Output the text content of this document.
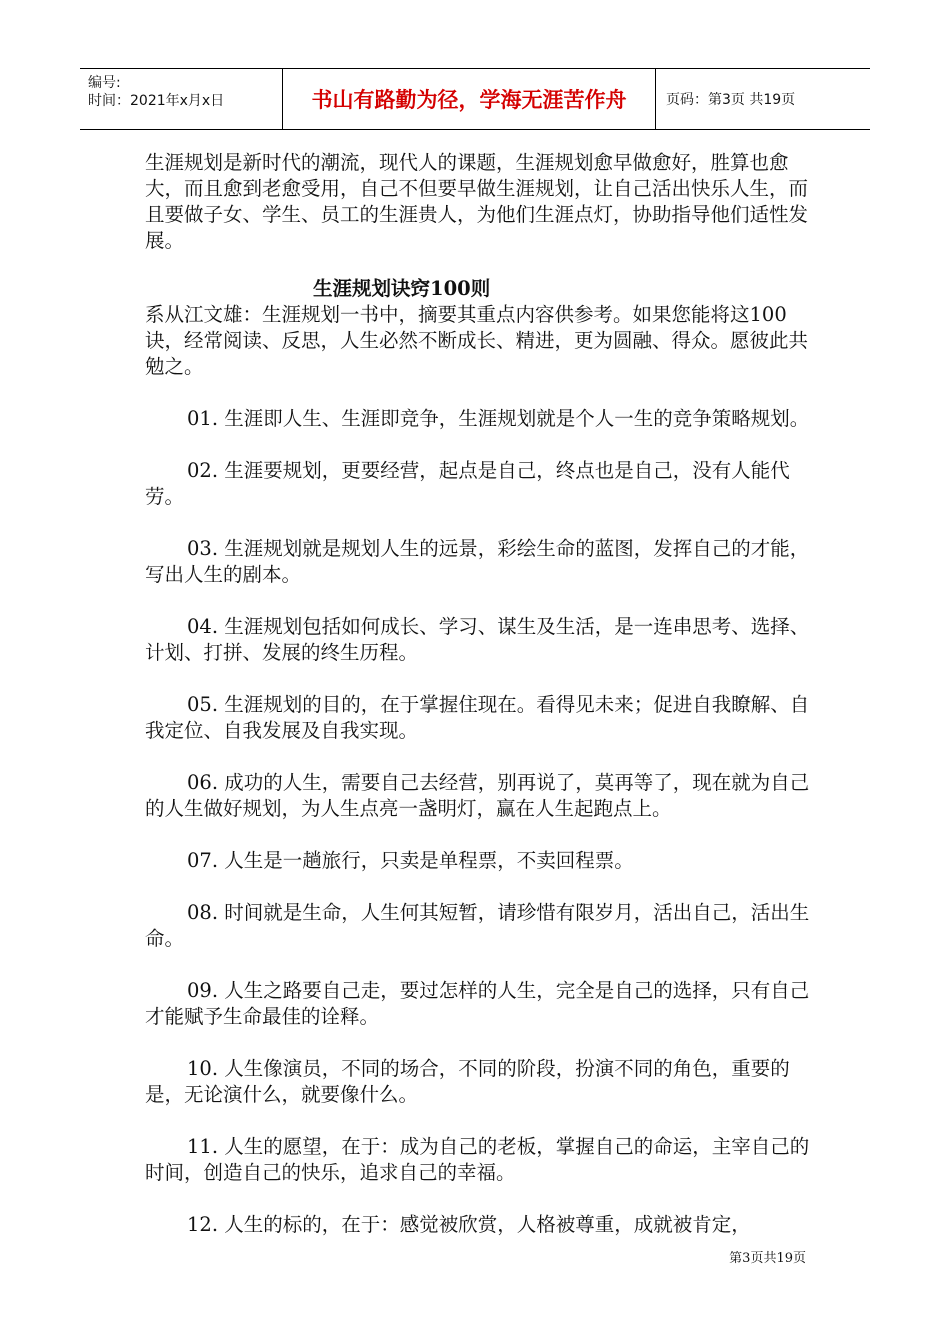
编号:
时间：2021年x月x日	书山有路勤为径，学海无涯苦作舟	页码：第3页 共19页

生涯规划是新时代的潮流，现代人的课题，生涯规划愈早做愈好，胜算也愈大，而且愈到老愈受用，自己不但要早做生涯规划，让自己活出快乐人生，而且要做子女、学生、员工的生涯贵人，为他们生涯点灯，协助指导他们适性发展。

生涯规划诀窍100则

系从江文雄：生涯规划一书中，摘要其重点内容供参考。如果您能将这100诀，经常阅读、反思，人生必然不断成长、精进，更为圆融、得众。愿彼此共勉之。

01. 生涯即人生、生涯即竞争，生涯规划就是个人一生的竞争策略规划。

02. 生涯要规划，更要经营，起点是自己，终点也是自己，没有人能代劳。

03. 生涯规划就是规划人生的远景，彩绘生命的蓝图，发挥自己的才能，写出人生的剧本。

04. 生涯规划包括如何成长、学习、谋生及生活，是一连串思考、选择、计划、打拼、发展的终生历程。

05. 生涯规划的目的，在于掌握住现在。看得见未来；促进自我瞭解、自我定位、自我发展及自我实现。

06. 成功的人生，需要自己去经营，别再说了，莫再等了，现在就为自己的人生做好规划，为人生点亮一盏明灯，赢在人生起跑点上。

07. 人生是一趟旅行，只卖是单程票，不卖回程票。

08. 时间就是生命，人生何其短暂，请珍惜有限岁月，活出自己，活出生命。

09. 人生之路要自己走，要过怎样的人生，完全是自己的选择，只有自己才能赋予生命最佳的诠释。

10. 人生像演员，不同的场合，不同的阶段，扮演不同的角色，重要的是，无论演什么，就要像什么。

11. 人生的愿望，在于：成为自己的老板，掌握自己的命运，主宰自己的时间，创造自己的快乐，追求自己的幸福。

12. 人生的标的，在于：感觉被欣赏，人格被尊重，成就被肯定，

第3页共19页
